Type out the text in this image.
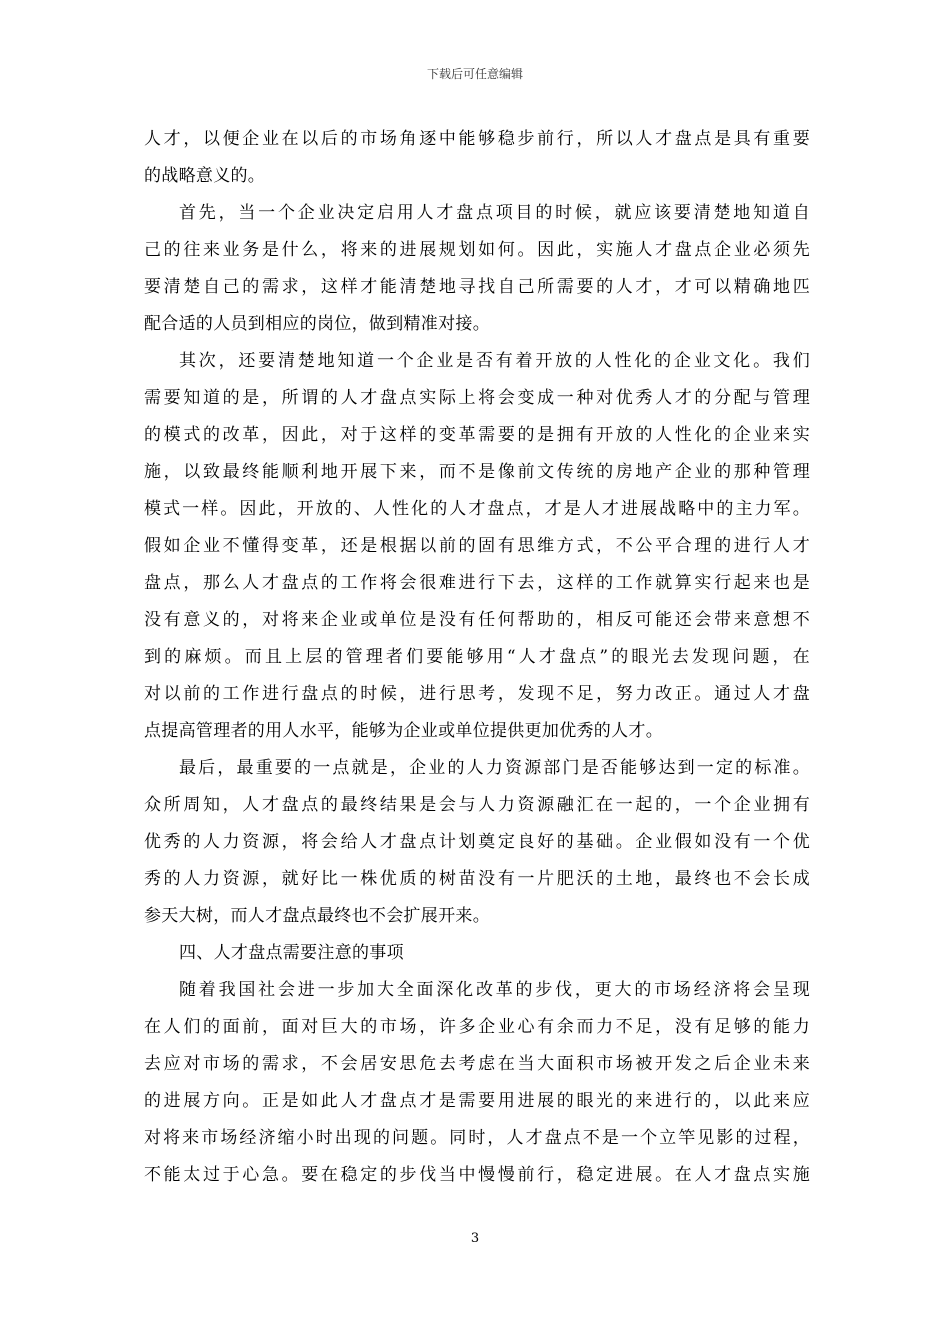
下载后可任意编辑
人才，以便企业在以后的市场角逐中能够稳步前行，所以人才盘点是具有重要
的战略意义的。
首先，当一个企业决定启用人才盘点项目的时候，就应该要清楚地知道自
己的往来业务是什么，将来的进展规划如何。因此，实施人才盘点企业必须先
要清楚自己的需求，这样才能清楚地寻找自己所需要的人才，才可以精确地匹
配合适的人员到相应的岗位，做到精准对接。
其次，还要清楚地知道一个企业是否有着开放的人性化的企业文化。我们
需要知道的是，所谓的人才盘点实际上将会变成一种对优秀人才的分配与管理
的模式的改革，因此，对于这样的变革需要的是拥有开放的人性化的企业来实
施，以致最终能顺利地开展下来，而不是像前文传统的房地产企业的那种管理
模式一样。因此，开放的、人性化的人才盘点，才是人才进展战略中的主力军。
假如企业不懂得变革，还是根据以前的固有思维方式，不公平合理的进行人才
盘点，那么人才盘点的工作将会很难进行下去，这样的工作就算实行起来也是
没有意义的，对将来企业或单位是没有任何帮助的，相反可能还会带来意想不
到的麻烦。而且上层的管理者们要能够用“人才盘点”的眼光去发现问题，在
对以前的工作进行盘点的时候，进行思考，发现不足，努力改正。通过人才盘
点提高管理者的用人水平，能够为企业或单位提供更加优秀的人才。
最后，最重要的一点就是，企业的人力资源部门是否能够达到一定的标准。
众所周知，人才盘点的最终结果是会与人力资源融汇在一起的，一个企业拥有
优秀的人力资源，将会给人才盘点计划奠定良好的基础。企业假如没有一个优
秀的人力资源，就好比一株优质的树苗没有一片肥沃的土地，最终也不会长成
参天大树，而人才盘点最终也不会扩展开来。
四、人才盘点需要注意的事项
随着我国社会进一步加大全面深化改革的步伐，更大的市场经济将会呈现
在人们的面前，面对巨大的市场，许多企业心有余而力不足，没有足够的能力
去应对市场的需求，不会居安思危去考虑在当大面积市场被开发之后企业未来
的进展方向。正是如此人才盘点才是需要用进展的眼光的来进行的，以此来应
对将来市场经济缩小时出现的问题。同时，人才盘点不是一个立竿见影的过程，
不能太过于心急。要在稳定的步伐当中慢慢前行，稳定进展。在人才盘点实施
3
